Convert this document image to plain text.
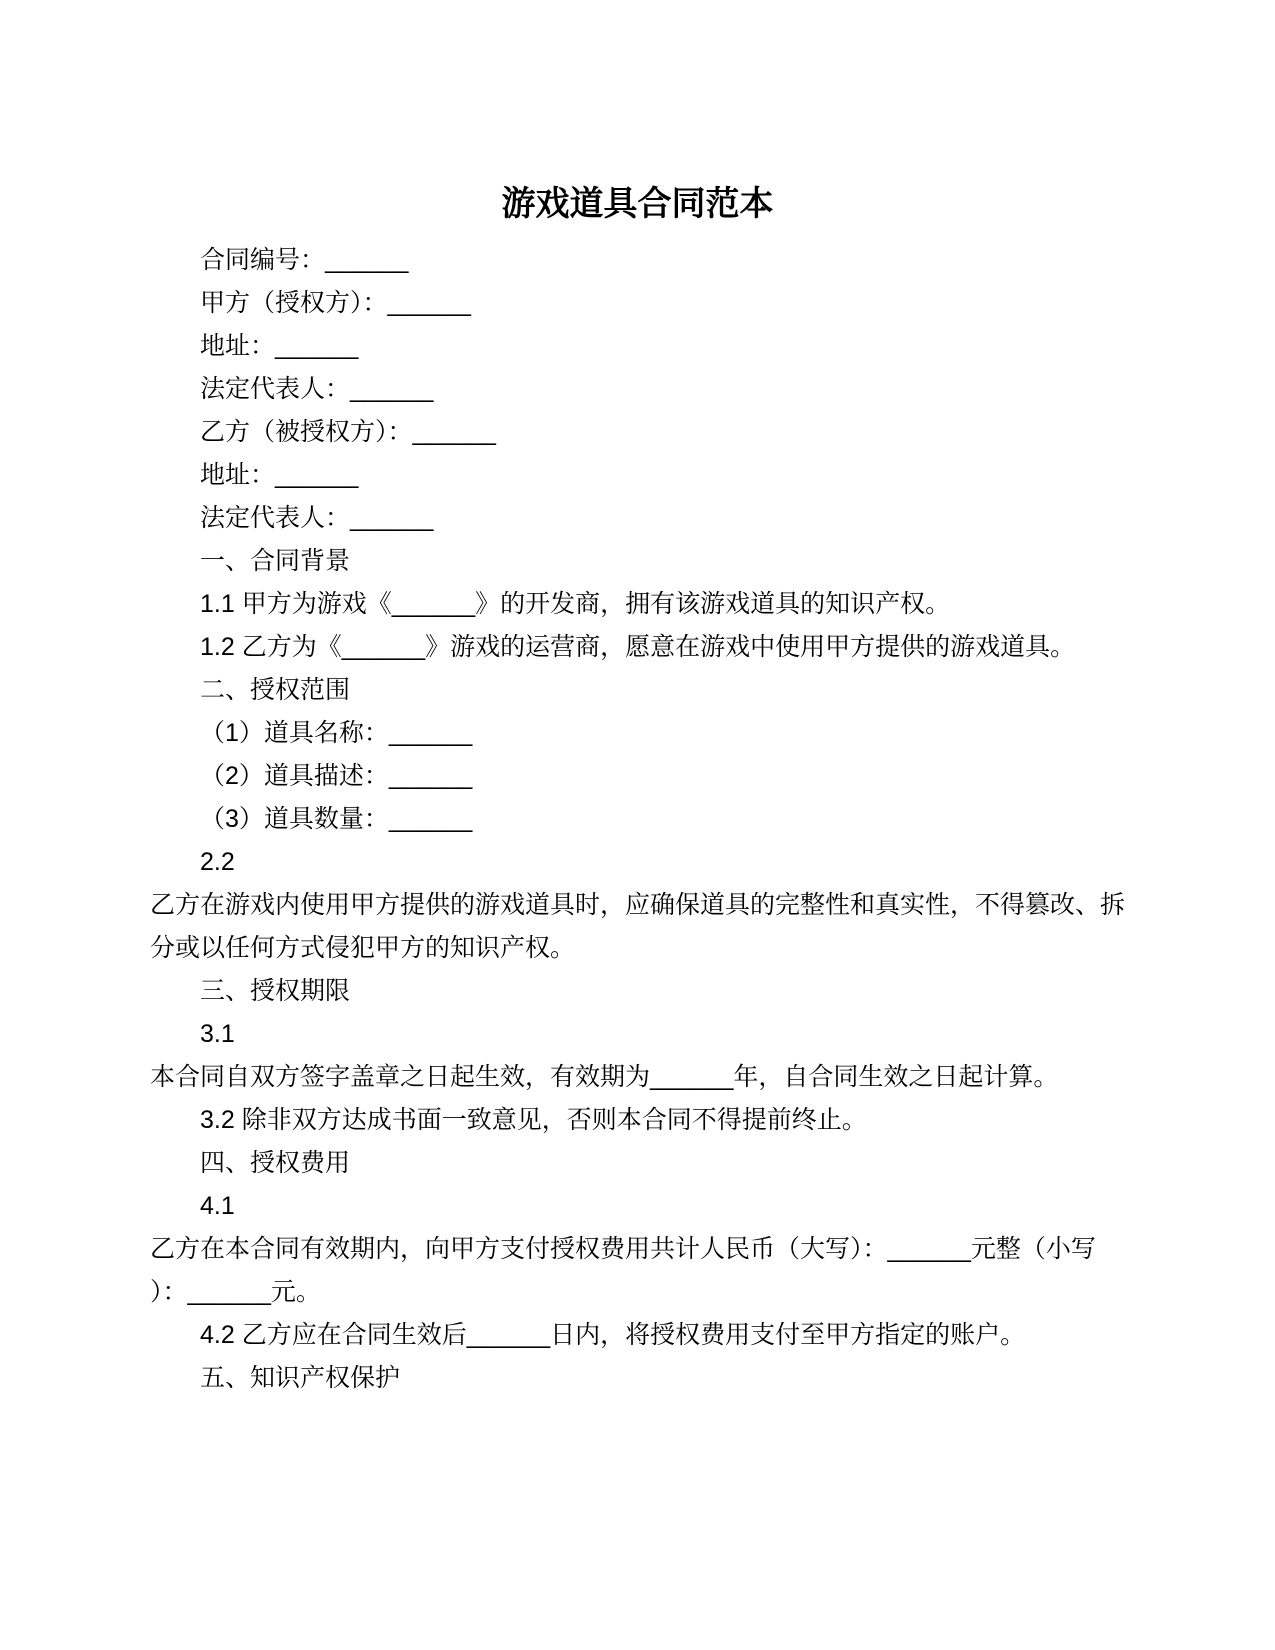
游戏道具合同范本
合同编号：______
甲方（授权方）：______
地址：______
法定代表人：______
乙方（被授权方）：______
地址：______
法定代表人：______
一、合同背景
1.1 甲方为游戏《______》的开发商，拥有该游戏道具的知识产权。
1.2 乙方为《______》游戏的运营商，愿意在游戏中使用甲方提供的游戏道具。
二、授权范围
（1）道具名称：______
（2）道具描述：______
（3）道具数量：______
2.2
乙方在游戏内使用甲方提供的游戏道具时，应确保道具的完整性和真实性，不得篡改、拆
分或以任何方式侵犯甲方的知识产权。
三、授权期限
3.1
本合同自双方签字盖章之日起生效，有效期为______年，自合同生效之日起计算。
3.2 除非双方达成书面一致意见，否则本合同不得提前终止。
四、授权费用
4.1
乙方在本合同有效期内，向甲方支付授权费用共计人民币（大写）：______元整（小写
）：______元。
4.2 乙方应在合同生效后______日内，将授权费用支付至甲方指定的账户。
五、知识产权保护
